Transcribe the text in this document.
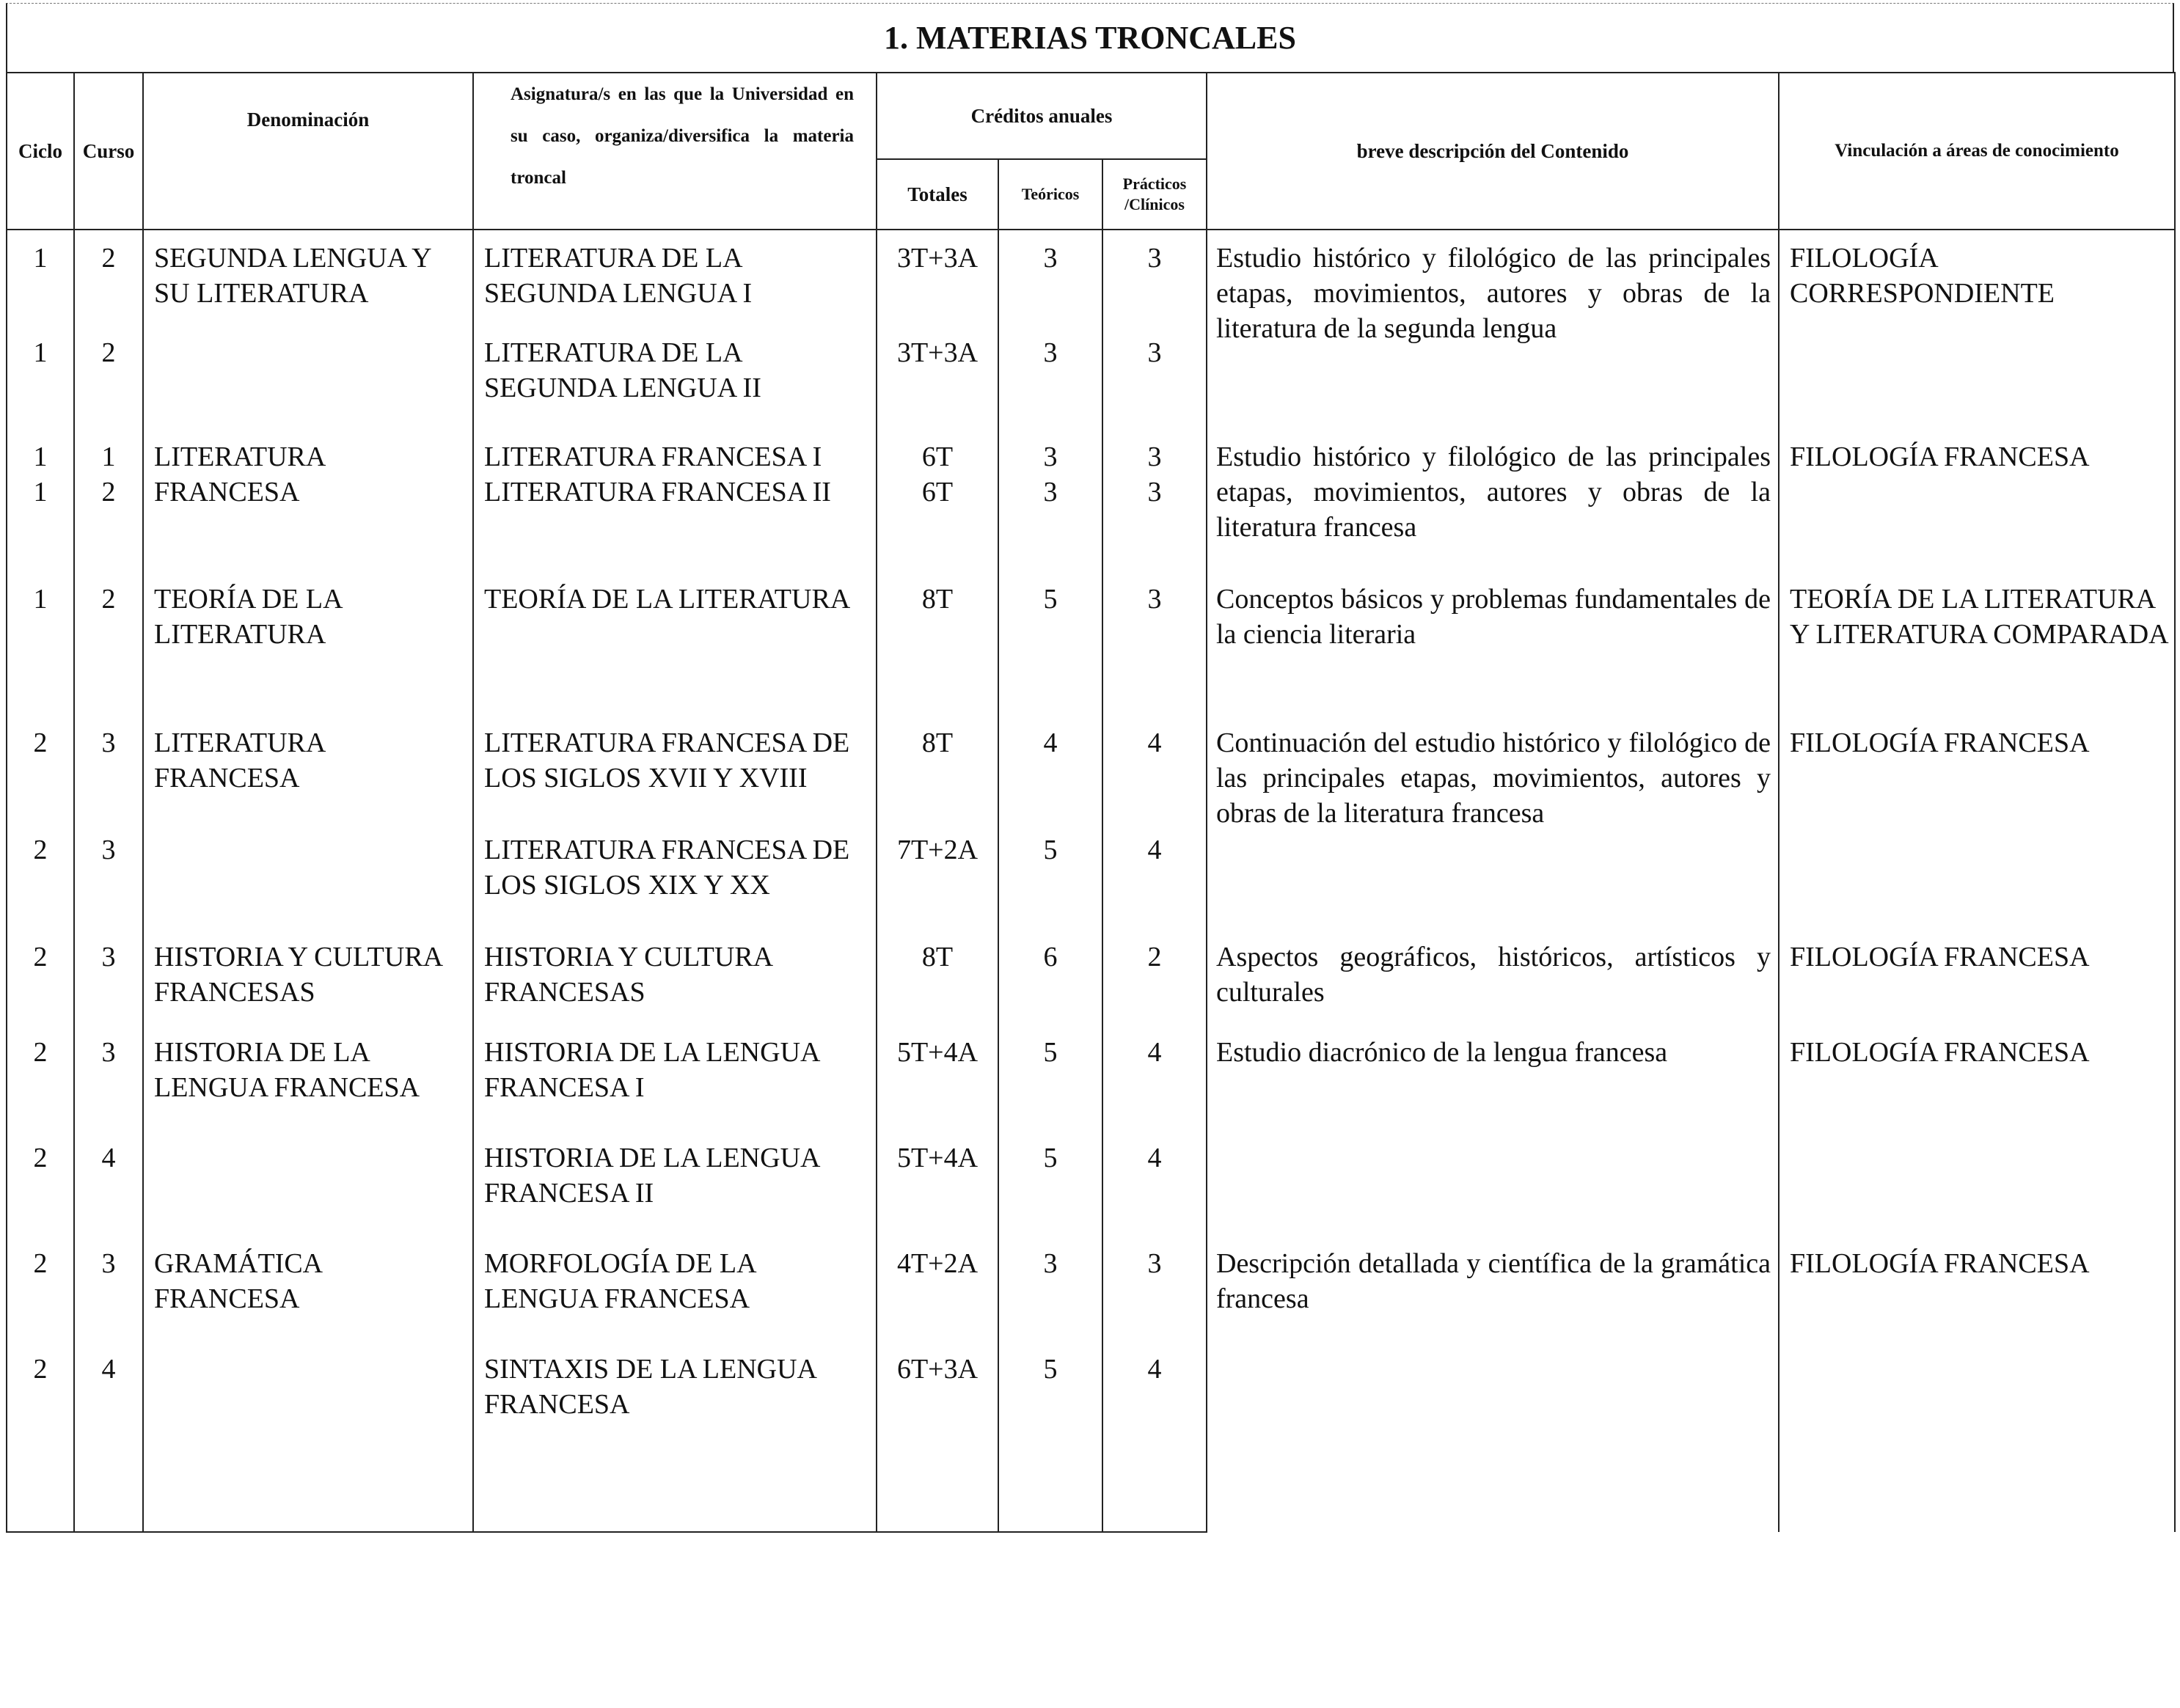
1. MATERIAS TRONCALES
Ciclo	Curso	Denominación	Asignatura/s en las que la Universidad en su caso, organiza/diversifica la materia troncal	Créditos anuales			breve descripción del Contenido	Vinculación a áreas de conocimiento
				Totales	Teóricos	Prácticos /Clínicos		
1	2	SEGUNDA LENGUA Y SU LITERATURA	LITERATURA DE LA SEGUNDA LENGUA I	3T+3A	3	3	Estudio histórico y filológico de las principales etapas, movimientos, autores y obras de la literatura de la segunda lengua	FILOLOGÍA CORRESPONDIENTE
1	2		LITERATURA DE LA SEGUNDA LENGUA II	3T+3A	3	3		
1	1	LITERATURA FRANCESA	LITERATURA FRANCESA I	6T	3	3	Estudio histórico y filológico de las principales etapas, movimientos, autores y obras de la literatura francesa	FILOLOGÍA FRANCESA
1	2		LITERATURA FRANCESA II	6T	3	3		
1	2	TEORÍA DE LA LITERATURA	TEORÍA DE LA LITERATURA	8T	5	3	Conceptos básicos y problemas fundamentales de la ciencia literaria	TEORÍA DE LA LITERATURA Y LITERATURA COMPARADA
2	3	LITERATURA FRANCESA	LITERATURA FRANCESA DE LOS SIGLOS XVII Y XVIII	8T	4	4	Continuación del estudio histórico y filológico de las principales etapas, movimientos, autores y obras de la literatura francesa	FILOLOGÍA FRANCESA
2	3		LITERATURA FRANCESA DE LOS SIGLOS XIX Y XX	7T+2A	5	4		
2	3	HISTORIA Y CULTURA FRANCESAS	HISTORIA Y CULTURA FRANCESAS	8T	6	2	Aspectos geográficos, históricos, artísticos y culturales	FILOLOGÍA FRANCESA
2	3	HISTORIA DE LA LENGUA FRANCESA	HISTORIA DE LA LENGUA FRANCESA I	5T+4A	5	4	Estudio diacrónico de la lengua francesa	FILOLOGÍA FRANCESA
2	4		HISTORIA DE LA LENGUA FRANCESA II	5T+4A	5	4		
2	3	GRAMÁTICA FRANCESA	MORFOLOGÍA DE LA LENGUA FRANCESA	4T+2A	3	3	Descripción detallada y científica de la gramática francesa	FILOLOGÍA FRANCESA
2	4		SINTAXIS DE LA LENGUA FRANCESA	6T+3A	5	4		
